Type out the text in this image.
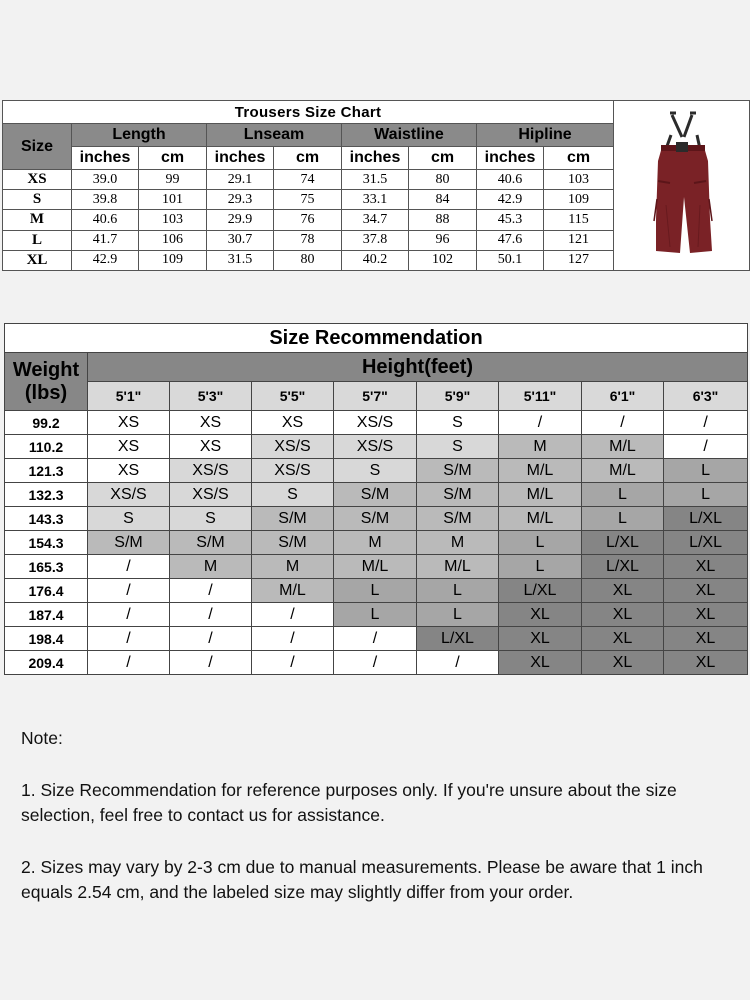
Trousers Size Chart								
Size	Length		Lnseam		Waistline		Hipline	
	inches	cm	inches	cm	inches	cm	inches	cm
XS	39.0	99	29.1	74	31.5	80	40.6	103
S	39.8	101	29.3	75	33.1	84	42.9	109
M	40.6	103	29.9	76	34.7	88	45.3	115
L	41.7	106	30.7	78	37.8	96	47.6	121
XL	42.9	109	31.5	80	40.2	102	50.1	127
Size Recommendation								
Weight
(lbs)	Height(feet)							
	5'1"	5'3"	5'5"	5'7"	5'9"	5'11"	6'1"	6'3"
99.2	XS	XS	XS	XS/S	S	/	/	/
110.2	XS	XS	XS/S	XS/S	S	M	M/L	/
121.3	XS	XS/S	XS/S	S	S/M	M/L	M/L	L
132.3	XS/S	XS/S	S	S/M	S/M	M/L	L	L
143.3	S	S	S/M	S/M	S/M	M/L	L	L/XL
154.3	S/M	S/M	S/M	M	M	L	L/XL	L/XL
165.3	/	M	M	M/L	M/L	L	L/XL	XL
176.4	/	/	M/L	L	L	L/XL	XL	XL
187.4	/	/	/	L	L	XL	XL	XL
198.4	/	/	/	/	L/XL	XL	XL	XL
209.4	/	/	/	/	/	XL	XL	XL

Note:

1. Size Recommendation for reference purposes only. If you're unsure about the size selection, feel free to contact us for assistance.

2. Sizes may vary by 2-3 cm due to manual measurements. Please be aware that 1 inch equals 2.54 cm, and the labeled size may slightly differ from your order.
